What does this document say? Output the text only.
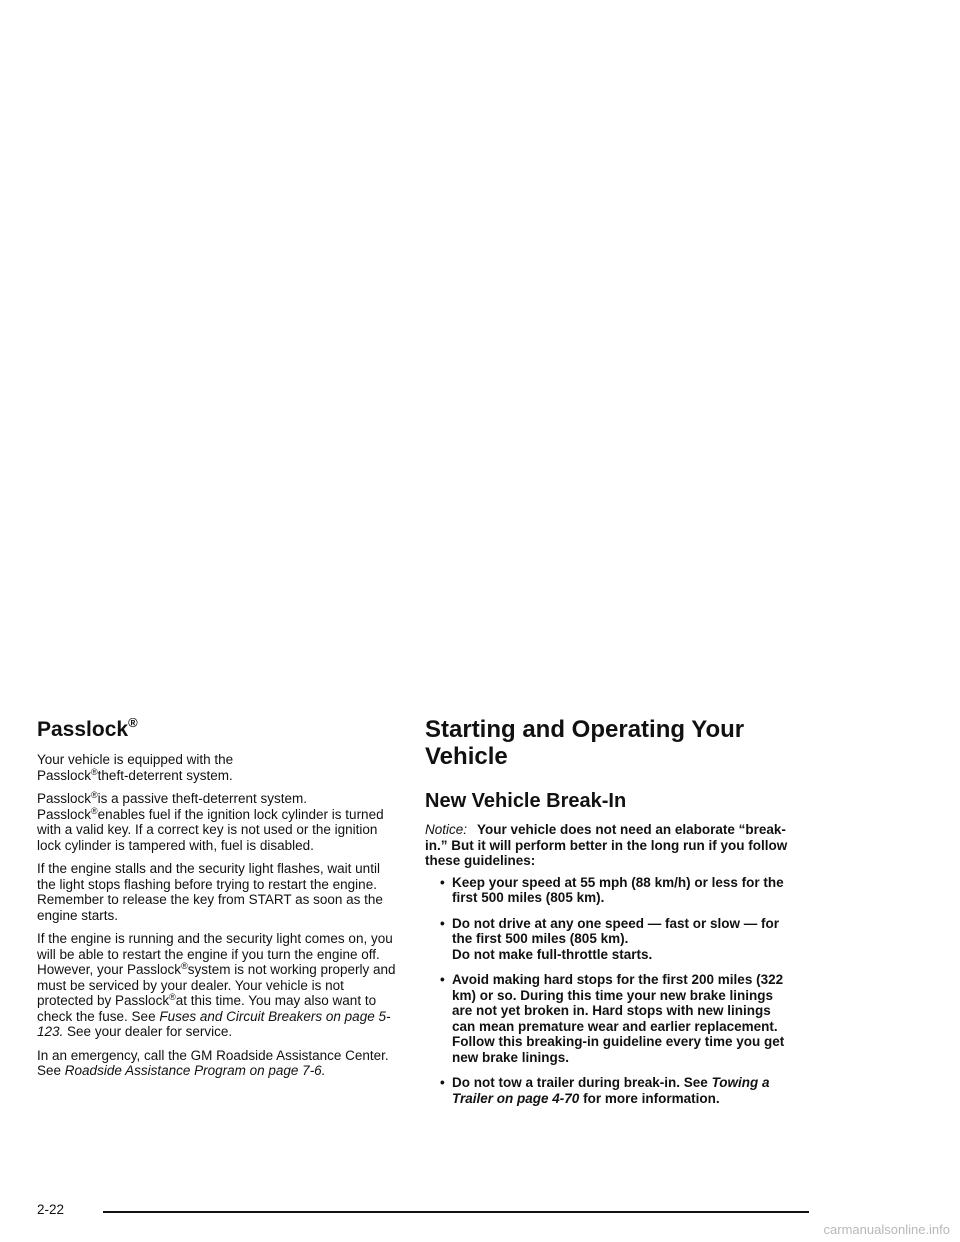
Passlock®

Your vehicle is equipped with the
Passlock®theft-deterrent system.

Passlock®is a passive theft-deterrent system.
Passlock®enables fuel if the ignition lock cylinder is turned with a valid key. If a correct key is not used or the ignition lock cylinder is tampered with, fuel is disabled.

If the engine stalls and the security light flashes, wait until the light stops flashing before trying to restart the engine. Remember to release the key from START as soon as the engine starts.

If the engine is running and the security light comes on, you will be able to restart the engine if you turn the engine off. However, your Passlock®system is not working properly and must be serviced by your dealer. Your vehicle is not protected by Passlock®at this time. You may also want to check the fuse. See Fuses and Circuit Breakers on page 5-123. See your dealer for service.

In an emergency, call the GM Roadside Assistance Center. See Roadside Assistance Program on page 7-6.

Starting and Operating Your Vehicle
New Vehicle Break-In

Notice: Your vehicle does not need an elaborate “break-in.” But it will perform better in the long run if you follow these guidelines:

• Keep your speed at 55 mph (88 km/h) or less for the first 500 miles (805 km).
• Do not drive at any one speed — fast or slow — for the first 500 miles (805 km).
Do not make full-throttle starts.
• Avoid making hard stops for the first 200 miles (322 km) or so. During this time your new brake linings are not yet broken in. Hard stops with new linings can mean premature wear and earlier replacement. Follow this breaking-in guideline every time you get new brake linings.
• Do not tow a trailer during break-in. See Towing a Trailer on page 4-70 for more information.
2-22
carmanualsonline.info
